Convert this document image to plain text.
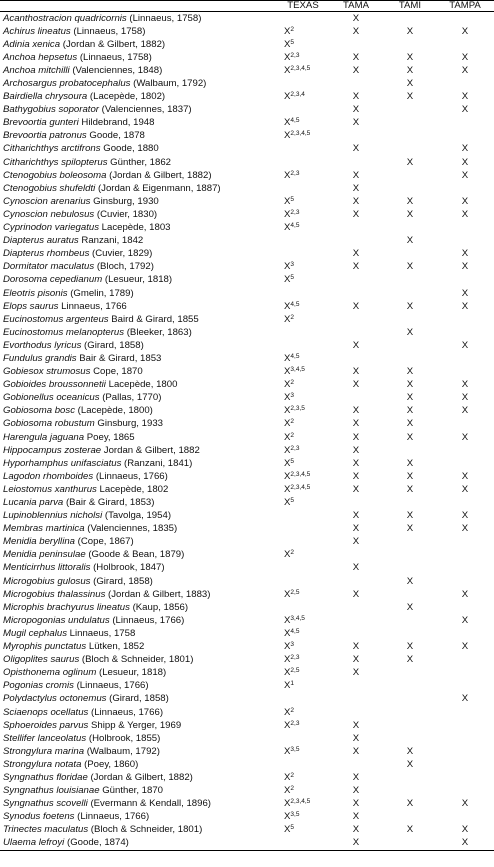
	TEXAS	TAMA	TAMI	TAMPA
Acanthostracion quadricornis (Linnaeus, 1758)		X		
Achirus lineatus (Linnaeus, 1758)	$X^2$	X	X	X
Adinia xenica (Jordan & Gilbert, 1882)	$X^5$			
Anchoa hepsetus (Linnaeus, 1758)	X$^{2,3}$	X	X	X
Anchoa mitchilli (Valenciennes, 1848)	X$^{2,3,4,5}$	X	X	X
Archosargus probatocephalus (Walbaum, 1792)			X	
Bairdiella chrysoura (Lacepède, 1802)	X$^{2,3,4}$	X	X	X
Bathygobius soporator (Valenciennes, 1837)		X		X
Brevoortia gunteri Hildebrand, 1948	X$^{4,5}$	X		
Brevoortia patronus Goode, 1878	X$^{2,3,4,5}$			
Citharichthys arctifrons Goode, 1880		X		X
Citharichthys spilopterus Günther, 1862			X	X
Ctenogobius boleosoma (Jordan & Gilbert, 1882)	X$^{2,3}$	X		X
Ctenogobius shufeldti (Jordan & Eigenmann, 1887)		X		
Cynoscion arenarius Ginsburg, 1930	$X^5$	X	X	X
Cynoscion nebulosus (Cuvier, 1830)	X$^{2,3}$	X	X	X
Cyprinodon variegatus Lacepède, 1803	X$^{4,5}$			
Diapterus auratus Ranzani, 1842			X	
Diapterus rhombeus (Cuvier, 1829)		X		X
Dormitator maculatus (Bloch, 1792)	$X^3$	X	X	X
Dorosoma cepedianum (Lesueur, 1818)	$X^5$			
Eleotris pisonis (Gmelin, 1789)				X
Elops saurus Linnaeus, 1766	X$^{4,5}$	X	X	X
Eucinostomus argenteus Baird & Girard, 1855	$X^2$			
Eucinostomus melanopterus (Bleeker, 1863)			X	
Evorthodus lyricus (Girard, 1858)		X		X
Fundulus grandis Bair & Girard, 1853	X$^{4,5}$			
Gobiesox strumosus Cope, 1870	X$^{3,4,5}$	X	X	
Gobioides broussonnetii Lacepède, 1800	$X^2$	X	X	X
Gobionellus oceanicus (Pallas, 1770)	$X^3$		X	X
Gobiosoma bosc (Lacepède, 1800)	X$^{2,3,5}$	X	X	X
Gobiosoma robustum Ginsburg, 1933	$X^2$	X	X	
Harengula jaguana Poey, 1865	$X^2$	X	X	X
Hippocampus zosterae Jordan & Gilbert, 1882	X$^{2,3}$	X		
Hyporhamphus unifasciatus (Ranzani, 1841)	$X^5$	X	X	
Lagodon rhomboides (Linnaeus, 1766)	X$^{2,3,4,5}$	X	X	X
Leiostomus xanthurus Lacepède, 1802	X$^{2,3,4,5}$	X	X	X
Lucania parva (Bair & Girard, 1853)	$X^5$			
Lupinoblennius nicholsi (Tavolga, 1954)		X	X	X
Membras martinica (Valenciennes, 1835)		X	X	X
Menidia beryllina (Cope, 1867)		X		
Menidia peninsulae (Goode & Bean, 1879)	$X^2$			
Menticirrhus littoralis (Holbrook, 1847)		X		
Microgobius gulosus (Girard, 1858)			X	
Microgobius thalassinus (Jordan & Gilbert, 1883)	X$^{2,5}$	X		X
Microphis brachyurus lineatus (Kaup, 1856)			X	
Micropogonias undulatus (Linnaeus, 1766)	X$^{3,4,5}$			X
Mugil cephalus Linnaeus, 1758	X$^{4,5}$			
Myrophis punctatus Lütken, 1852	$X^3$	X	X	X
Oligoplites saurus (Bloch & Schneider, 1801)	X$^{2,3}$	X	X	
Opisthonema oglinum (Lesueur, 1818)	X$^{2,5}$	X		
Pogonias cromis (Linnaeus, 1766)	$X^1$			
Polydactylus octonemus (Girard, 1858)				X
Sciaenops ocellatus (Linnaeus, 1766)	$X^2$			
Sphoeroides parvus Shipp & Yerger, 1969	X$^{2,3}$	X		
Stellifer lanceolatus (Holbrook, 1855)		X		
Strongylura marina (Walbaum, 1792)	X$^{3,5}$	X	X	
Strongylura notata (Poey, 1860)			X	
Syngnathus floridae (Jordan & Gilbert, 1882)	$X^2$	X		
Syngnathus louisianae Günther, 1870	$X^2$	X		
Syngnathus scovelli (Evermann & Kendall, 1896)	X$^{2,3,4,5}$	X	X	X
Synodus foetens (Linnaeus, 1766)	X$^{3,5}$	X		
Trinectes maculatus (Bloch & Schneider, 1801)	$X^5$	X	X	X
Ulaema lefroyi (Goode, 1874)		X		X
